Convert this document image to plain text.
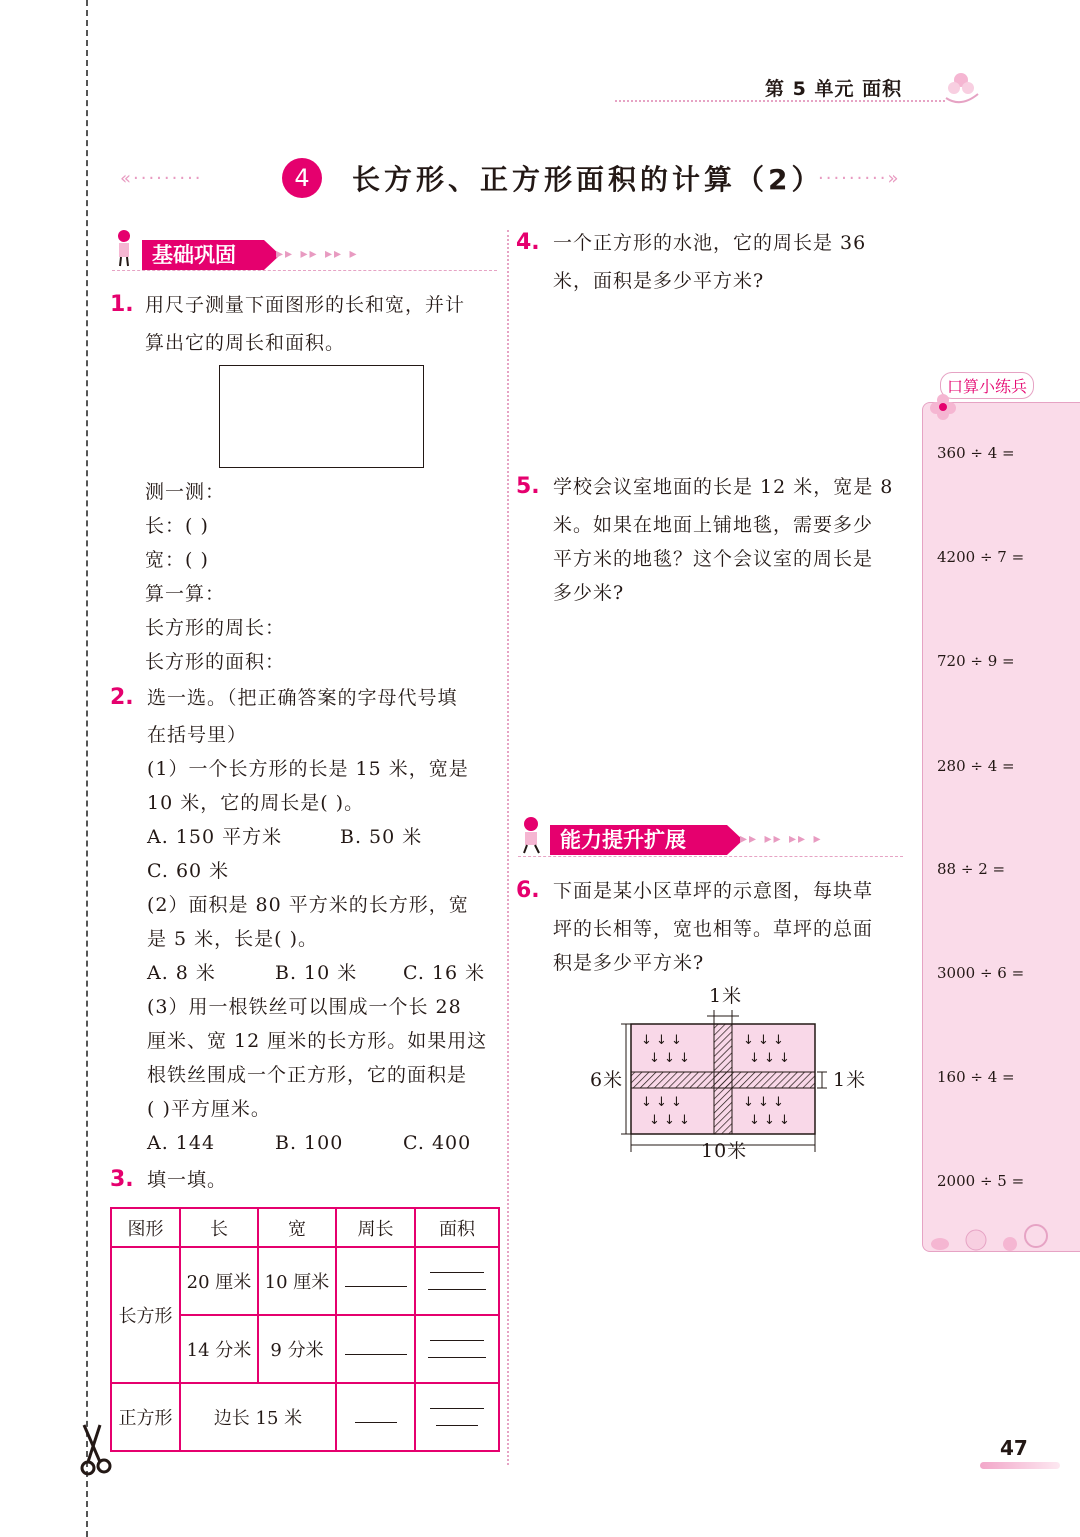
第 5 单元 面积
«·········	4	长方形、正方形面积的计算（2）
·········»
基础巩固	▸▸ ▸▸ ▸▸ ▸
1. 用尺子测量下面图形的长和宽，并计
算出它的周长和面积。
测一测：
长：( )
宽：( )
算一算：
长方形的周长：
长方形的面积：
2. 选一选。（把正确答案的字母代号填
在括号里）
(1）一个长方形的长是 15 米，宽是
10 米，它的周长是( )。
A. 150 平方米	B. 50 米
C. 60 米
(2）面积是 80 平方米的长方形，宽
是 5 米，长是( )。
A. 8 米	B. 10 米 C. 16 米
(3）用一根铁丝可以围成一个长 28
厘米、宽 12 厘米的长方形。如果用这
根铁丝围成一个正方形，它的面积是
( )平方厘米。
A. 144	B. 100	C. 400
3. 填一填。
图形	长	宽	周长	面积
长方形	20 厘米	10 厘米		

	14 分米	9 分米		

正方形	边长 15 米			
4. 一个正方形的水池，它的周长是 36
米，面积是多少平方米?
5. 学校会议室地面的长是 12 米，宽是 8
米。如果在地面上铺地毯，需要多少
平方米的地毯？这个会议室的周长是
多少米?
能力提升扩展	▸▸ ▸▸ ▸▸ ▸
6. 下面是某小区草坪的示意图，每块草
坪的长相等，宽也相等。草坪的总面
积是多少平方米?
↓ ↓ ↓
↓ ↓ ↓
↓ ↓ ↓
↓ ↓ ↓
↓ ↓ ↓
↓ ↓ ↓
↓ ↓ ↓
↓ ↓ ↓
1米
6米	1米
10米
口算小练兵
360 ÷ 4 =
4200 ÷ 7 =
720 ÷ 9 =
280 ÷ 4 =
88 ÷ 2 =
3000 ÷ 6 =
160 ÷ 4 =
2000 ÷ 5 =
47
